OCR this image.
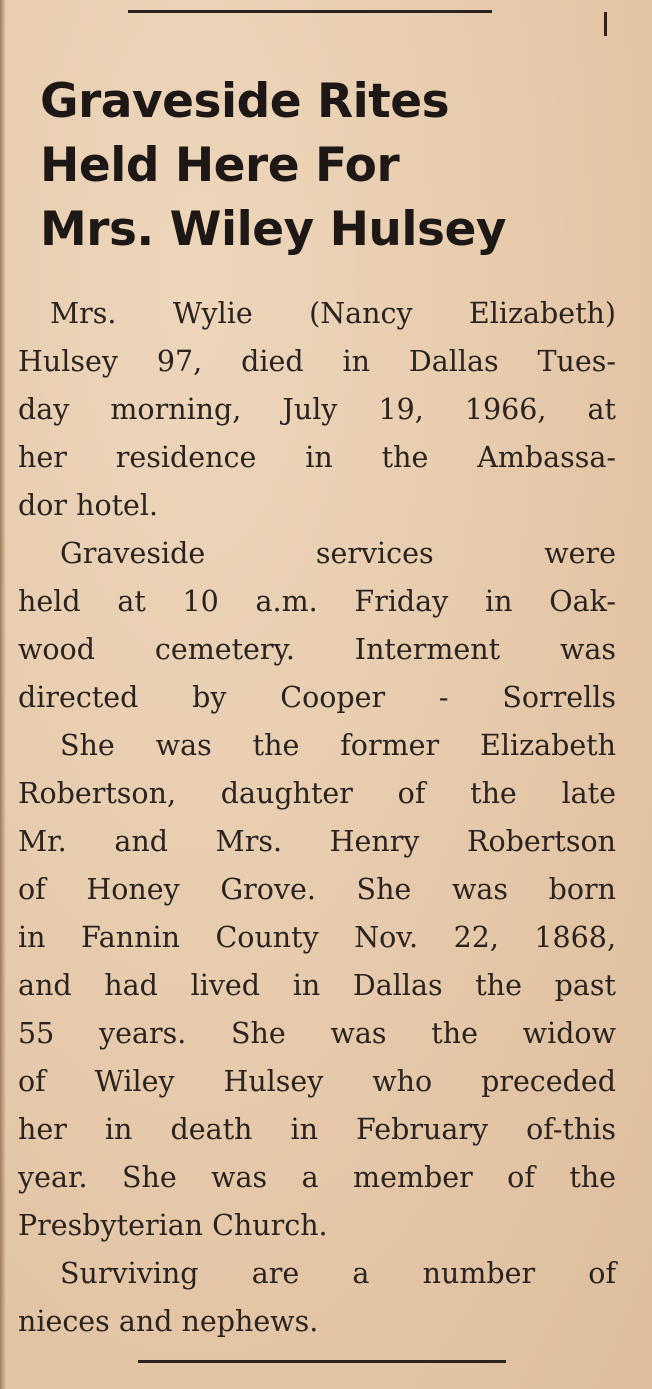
Graveside Rites
Held Here For
Mrs. Wiley Hulsey
Mrs. Wylie (Nancy Elizabeth)
Hulsey 97, died in Dallas Tues-
day morning, July 19, 1966, at
her residence in the Ambassa-
dor hotel.
Graveside services were
held at 10 a.m. Friday in Oak-
wood cemetery. Interment was
directed by Cooper - Sorrells
She was the former Elizabeth
Robertson, daughter of the late
Mr. and Mrs. Henry Robertson
of Honey Grove. She was born
in Fannin County Nov. 22, 1868,
and had lived in Dallas the past
55 years. She was the widow
of Wiley Hulsey who preceded
her in death in February of-this
year. She was a member of the
Presbyterian Church.
Surviving are a number of
nieces and nephews.
